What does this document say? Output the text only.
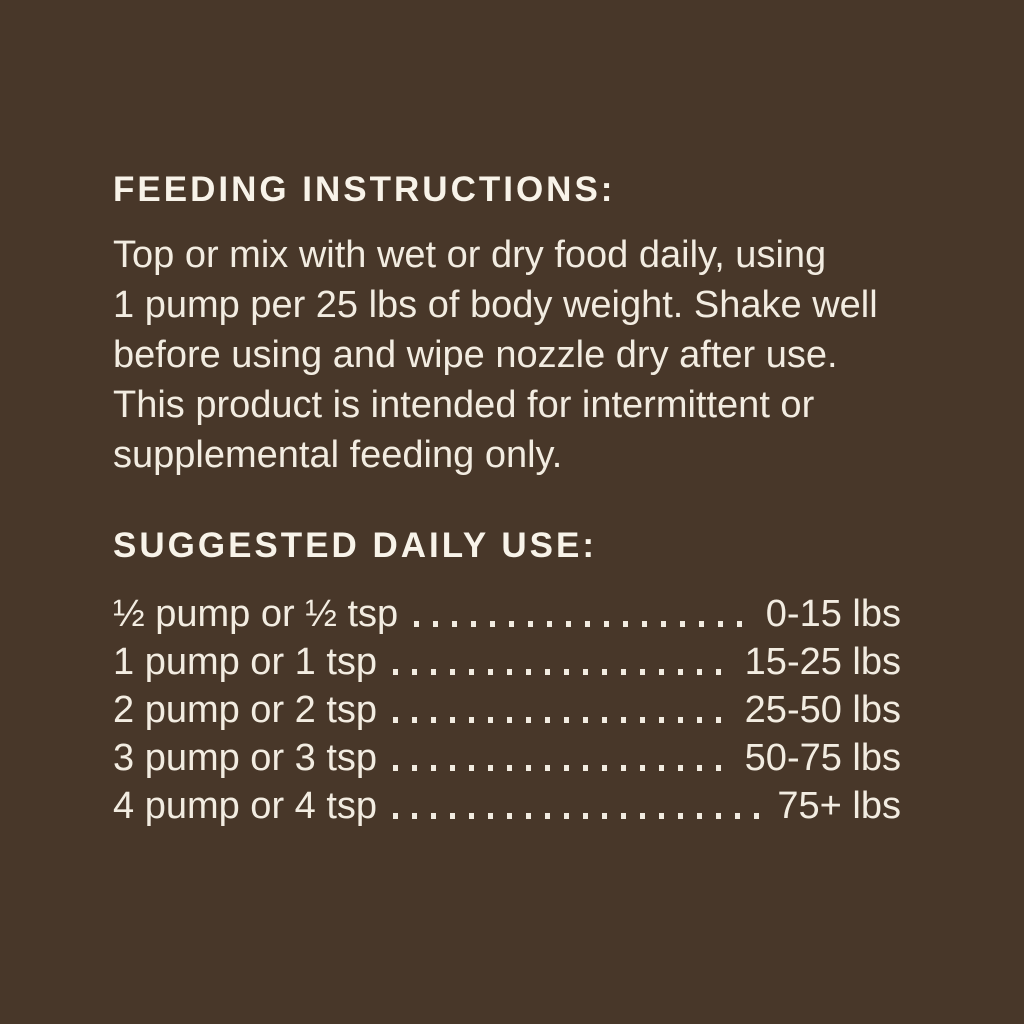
FEEDING INSTRUCTIONS:
Top or mix with wet or dry food daily, using
1 pump per 25 lbs of body weight. Shake well
before using and wipe nozzle dry after use.
This product is intended for intermittent or
supplemental feeding only.
SUGGESTED DAILY USE:
½ pump or ½ tsp	0-15 lbs
1 pump or 1 tsp	15-25 lbs
2 pump or 2 tsp	25-50 lbs
3 pump or 3 tsp	50-75 lbs
4 pump or 4 tsp	75+ lbs
